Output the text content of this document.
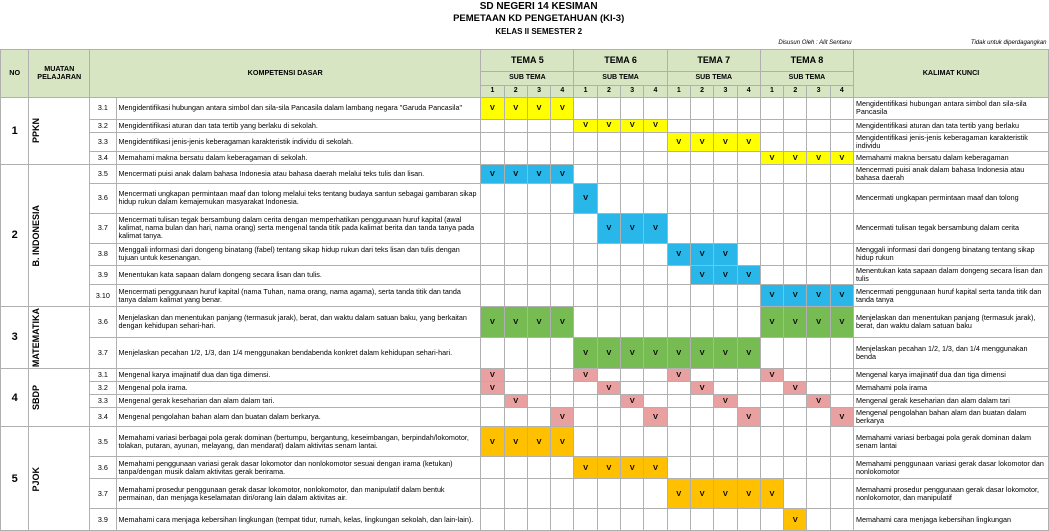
	SD NEGERI 14 KESIMAN																			

	PEMETAAN KD PENGETAHUAN (KI-3)																			

	KELAS II SEMESTER 2																			

																Disusun Oleh : Alit Sentanu				Tidak untuk diperdagangkan

NO	MUATAN PELAJARAN	KOMPETENSI DASAR		TEMA 5				TEMA 6				TEMA 7				TEMA 8				KALIMAT KUNCI
				SUB TEMA				SUB TEMA				SUB TEMA				SUB TEMA				
				1	2	3	4	1	2	3	4	1	2	3	4	1	2	3	4	
1	PPKN	3.1	Mengidentifikasi hubungan antara simbol dan sila-sila Pancasila dalam lambang negara "Garuda Pancasila"	V	V	V	V													Mengidentifikasi hubungan antara simbol dan sila-sila Pancasila
		3.2	Mengidentifikasi aturan dan tata tertib yang berlaku di sekolah.					V	V	V	V									Mengidentifikasi aturan dan tata tertib yang berlaku
		3.3	Mengidentifikasi jenis-jenis keberagaman karakteristik individu di sekolah.									V	V	V	V					Mengidentifikasi jenis-jenis keberagaman karakteristik individu
		3.4	Memahami makna bersatu dalam keberagaman di sekolah.													V	V	V	V	Memahami makna bersatu dalam keberagaman
2	B. INDONESIA	3.5	Mencermati puisi anak dalam bahasa Indonesia atau bahasa daerah melalui teks tulis dan lisan.	V	V	V	V													Mencermati puisi anak dalam bahasa Indonesia atau bahasa daerah
		3.6	Mencermati ungkapan permintaan maaf dan tolong melalui teks tentang budaya santun sebagai gambaran sikap hidup rukun dalam kemajemukan masyarakat Indonesia.					V												Mencermati ungkapan permintaan maaf dan tolong
		3.7	Mencermati tulisan tegak bersambung dalam cerita dengan memperhatikan penggunaan huruf kapital (awal kalimat, nama bulan dan hari, nama orang) serta mengenal tanda titik pada kalimat berita dan tanda tanya pada kalimat tanya.						V	V	V									Mencermati tulisan tegak bersambung dalam cerita
		3.8	Menggali informasi dari dongeng binatang (fabel) tentang sikap hidup rukun dari teks lisan dan tulis dengan tujuan untuk kesenangan.									V	V	V						Menggali informasi dari dongeng binatang tentang sikap hidup rukun
		3.9	Menentukan kata sapaan dalam dongeng secara lisan dan tulis.										V	V	V					Menentukan kata sapaan dalam dongeng secara lisan dan tulis
		3.10	Mencermati penggunaan huruf kapital (nama Tuhan, nama orang, nama agama), serta tanda titik dan tanda tanya dalam kalimat yang benar.													V	V	V	V	Mencermati penggunaan huruf kapital serta tanda titik dan tanda tanya
3	MATEMATIKA	3.6	Menjelaskan dan menentukan panjang (termasuk jarak), berat, dan waktu dalam satuan baku, yang berkaitan dengan kehidupan sehari-hari.	V	V	V	V									V	V	V	V	Menjelaskan dan menentukan panjang (termasuk jarak), berat, dan waktu dalam satuan baku
		3.7	Menjelaskan pecahan 1/2, 1/3, dan 1/4 menggunakan bendabenda konkret dalam kehidupan sehari-hari.					V	V	V	V	V	V	V	V					Menjelaskan pecahan 1/2, 1/3, dan 1/4 menggunakan benda
4	SBDP	3.1	Mengenal karya imajinatif dua dan tiga dimensi.	V				V				V				V				Mengenal karya imajinatif dua dan tiga dimensi
		3.2	Mengenal pola irama.	V					V				V				V			Memahami pola irama
		3.3	Mengenal gerak keseharian dan alam dalam tari.		V					V				V				V		Mengenal gerak keseharian dan alam dalam tari
		3.4	Mengenal pengolahan bahan alam dan buatan dalam berkarya.				V				V				V				V	Mengenal pengolahan bahan alam dan buatan dalam berkarya
5	PJOK	3.5	Memahami variasi berbagai pola gerak dominan (bertumpu, bergantung, keseimbangan, berpindah/lokomotor, tolakan, putaran, ayunan, melayang, dan mendarat) dalam aktivitas senam lantai.	V	V	V	V													Memahami variasi berbagai pola gerak dominan dalam senam lantai
		3.6	Memahami penggunaan variasi gerak dasar lokomotor dan nonlokomotor sesuai dengan irama (ketukan) tanpa/dengan musik dalam aktivitas gerak berirama.					V	V	V	V									Memahami penggunaan variasi gerak dasar lokomotor dan nonlokomotor
		3.7	Memahami prosedur penggunaan gerak dasar lokomotor, nonlokomotor, dan manipulatif dalam bentuk permainan, dan menjaga keselamatan diri/orang lain dalam aktivitas air.									V	V	V	V	V				Memahami prosedur penggunaan gerak dasar lokomotor, nonlokomotor, dan manipulatif
		3.9	Memahami cara menjaga kebersihan lingkungan (tempat tidur, rumah, kelas, lingkungan sekolah, dan lain-lain).														V			Memahami cara menjaga kebersihan lingkungan
